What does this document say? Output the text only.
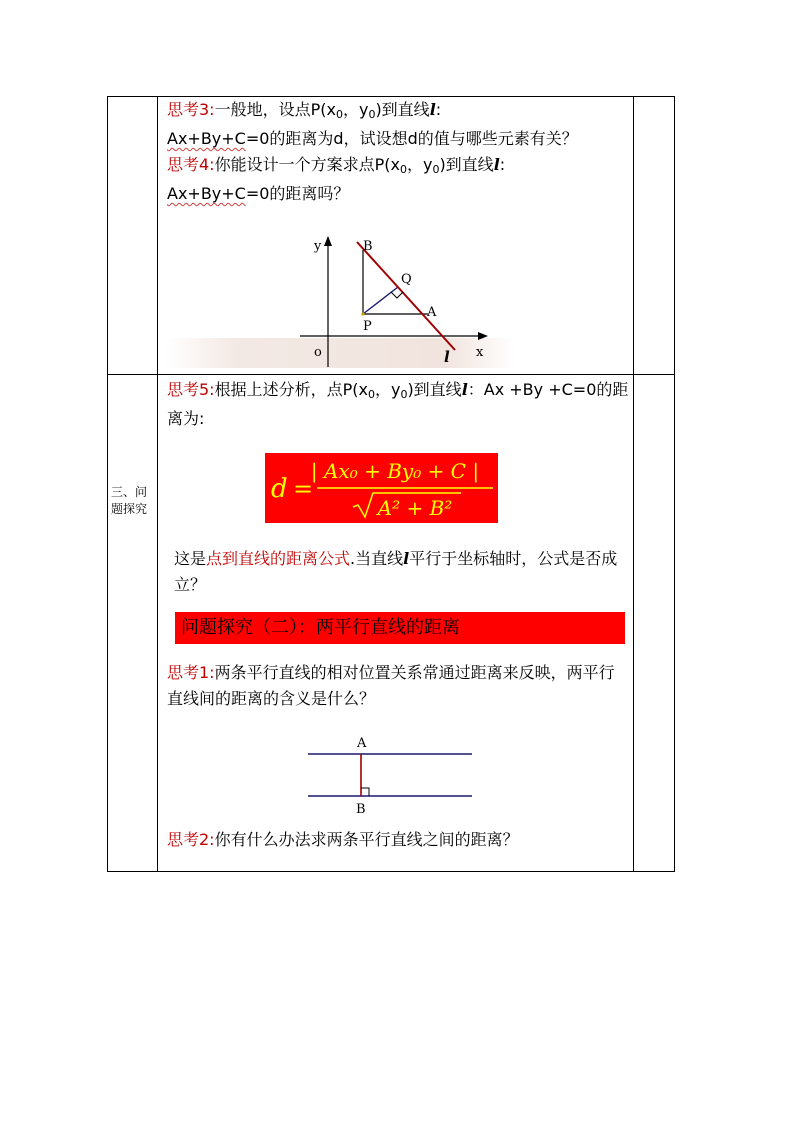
思考3:一般地，设点$P(x_0$，$y_0$)到直线l:
Ax+By+C=0的距离为d，试设想d的值与哪些元素有关？

思考4:你能设计一个方案求点$P(x_0$，$y_0$)到直线l:
Ax+By+C=0的距离吗？

y
x
o
B
Q
A
P
l
三、问题探究

思考5:根据上述分析，点$P(x_0$，$y_0$)到直线l：Ax +By +C=0的距离为:

d =
| Ax₀ + By₀ + C |
A² + B²
这是点到直线的距离公式.当直线l平行于坐标轴时，公式是否成立？
问题探究（二）：两平行直线的距离
思考1:两条平行直线的相对位置关系常通过距离来反映，两平行直线间的距离的含义是什么？
A
B
思考2:你有什么办法求两条平行直线之间的距离？
